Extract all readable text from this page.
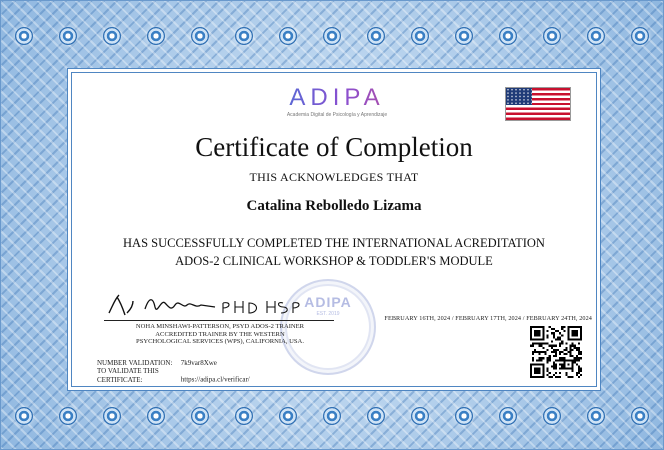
ADIPA
Academia Digital de Psicología y Aprendizaje
Certificate of Completion
THIS ACKNOWLEDGES THAT
Catalina Rebolledo Lizama
HAS SUCCESSFULLY COMPLETED THE INTERNATIONAL ACREDITATION
ADOS-2 CLINICAL WORKSHOP & TODDLER'S MODULE
ADIPA
EST. 2019
NOHA MINSHAWI-PATTERSON, PSYD ADOS-2 TRAINER
ACCREDITED TRAINER BY THE WESTERN
PSYCHOLOGICAL SERVICES (WPS), CALIFORNIA, USA.
FEBRUARY 16TH, 2024 / FEBRUARY 17TH, 2024 / FEBRUARY 24TH, 2024
NUMBER VALIDATION: 7k9var8Xwe
TO VALIDATE THIS CERTIFICATE:	https://adipa.cl/verificar/
